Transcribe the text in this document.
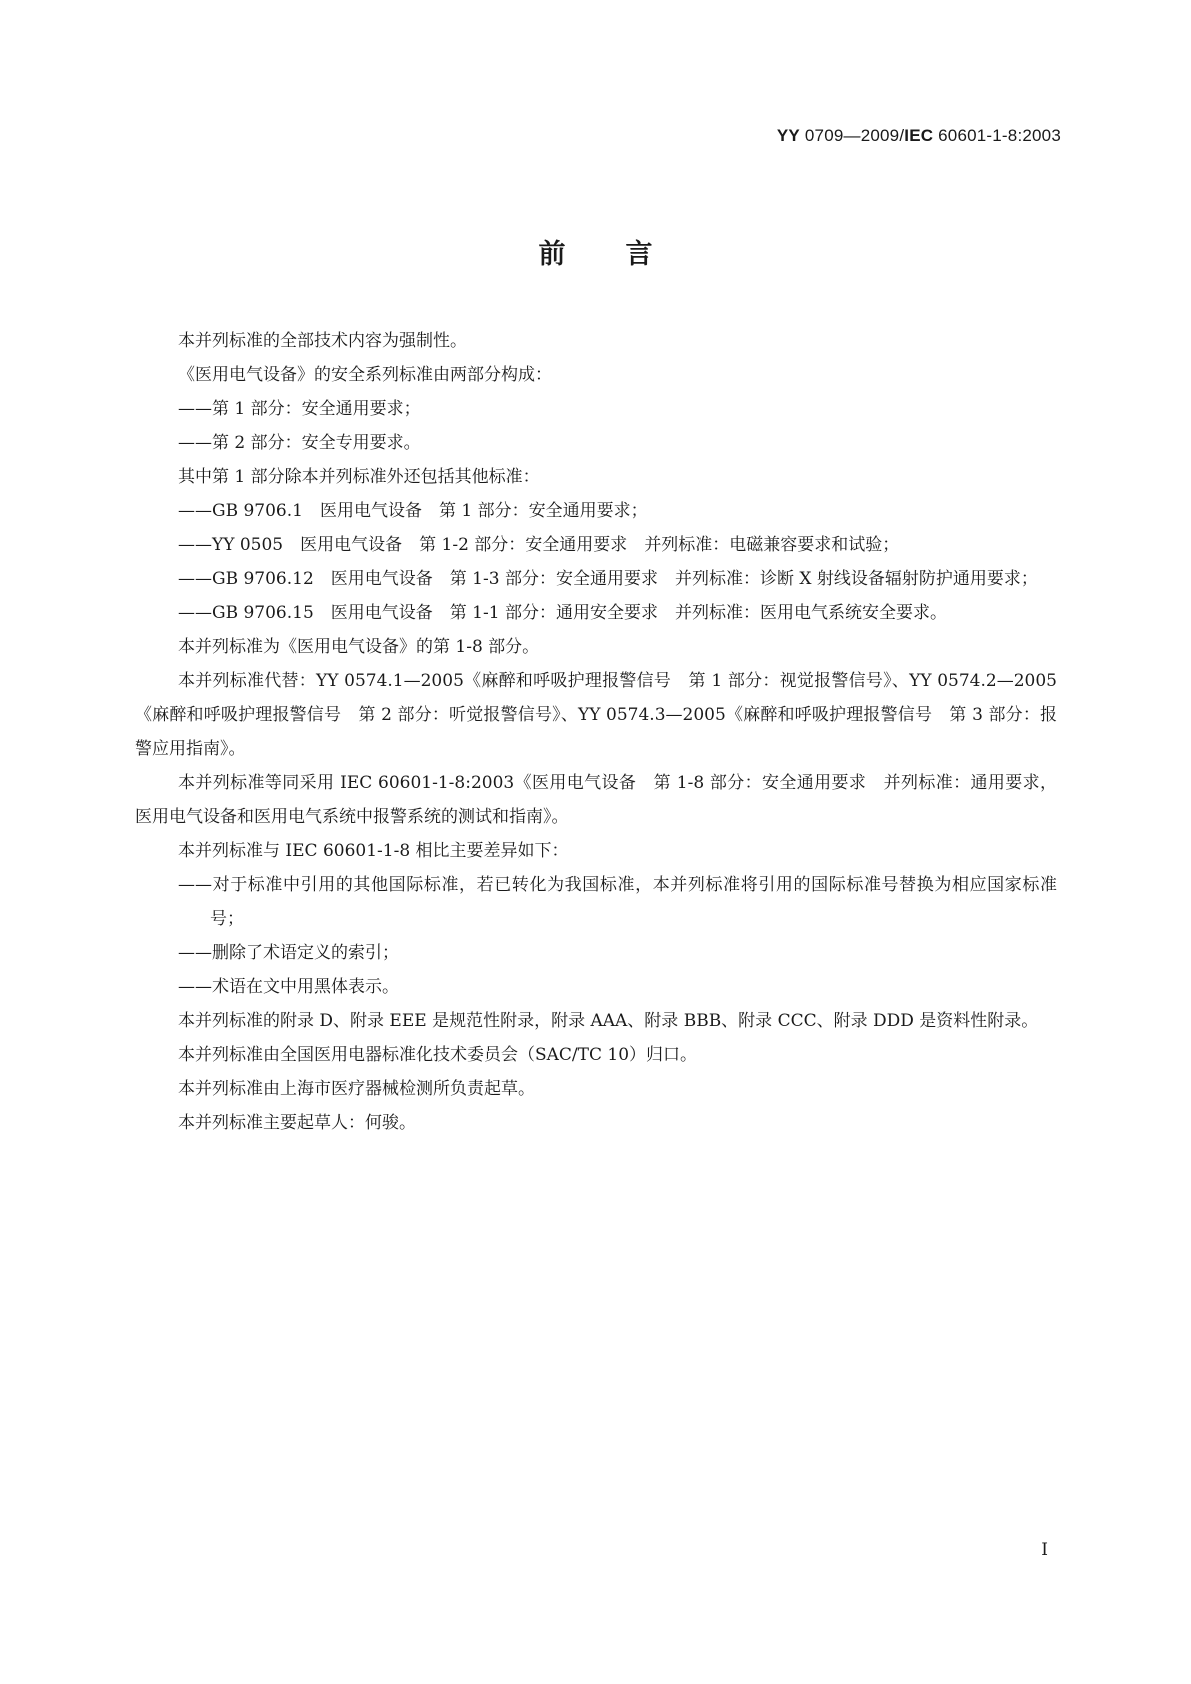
YY 0709—2009/IEC 60601-1-8:2003
前 言

本并列标准的全部技术内容为强制性。

《医用电气设备》的安全系列标准由两部分构成：

——第 1 部分：安全通用要求；

——第 2 部分：安全专用要求。

其中第 1 部分除本并列标准外还包括其他标准：

——GB 9706.1 医用电气设备 第 1 部分：安全通用要求；

——YY 0505 医用电气设备 第 1-2 部分：安全通用要求 并列标准：电磁兼容要求和试验；

——GB 9706.12 医用电气设备 第 1-3 部分：安全通用要求 并列标准：诊断 X 射线设备辐射防护通用要求；

——GB 9706.15 医用电气设备 第 1-1 部分：通用安全要求 并列标准：医用电气系统安全要求。

本并列标准为《医用电气设备》的第 1-8 部分。

本并列标准代替：YY 0574.1—2005《麻醉和呼吸护理报警信号 第 1 部分：视觉报警信号》、YY 0574.2—2005《麻醉和呼吸护理报警信号 第 2 部分：听觉报警信号》、YY 0574.3—2005《麻醉和呼吸护理报警信号 第 3 部分：报警应用指南》。

本并列标准等同采用 IEC 60601-1-8:2003《医用电气设备 第 1-8 部分：安全通用要求 并列标准：通用要求，医用电气设备和医用电气系统中报警系统的测试和指南》。

本并列标准与 IEC 60601-1-8 相比主要差异如下：

——对于标准中引用的其他国际标准，若已转化为我国标准，本并列标准将引用的国际标准号替换为相应国家标准号；

——删除了术语定义的索引；

——术语在文中用黑体表示。

本并列标准的附录 D、附录 EEE 是规范性附录，附录 AAA、附录 BBB、附录 CCC、附录 DDD 是资料性附录。

本并列标准由全国医用电器标准化技术委员会（SAC/TC 10）归口。

本并列标准由上海市医疗器械检测所负责起草。

本并列标准主要起草人：何骏。

I
